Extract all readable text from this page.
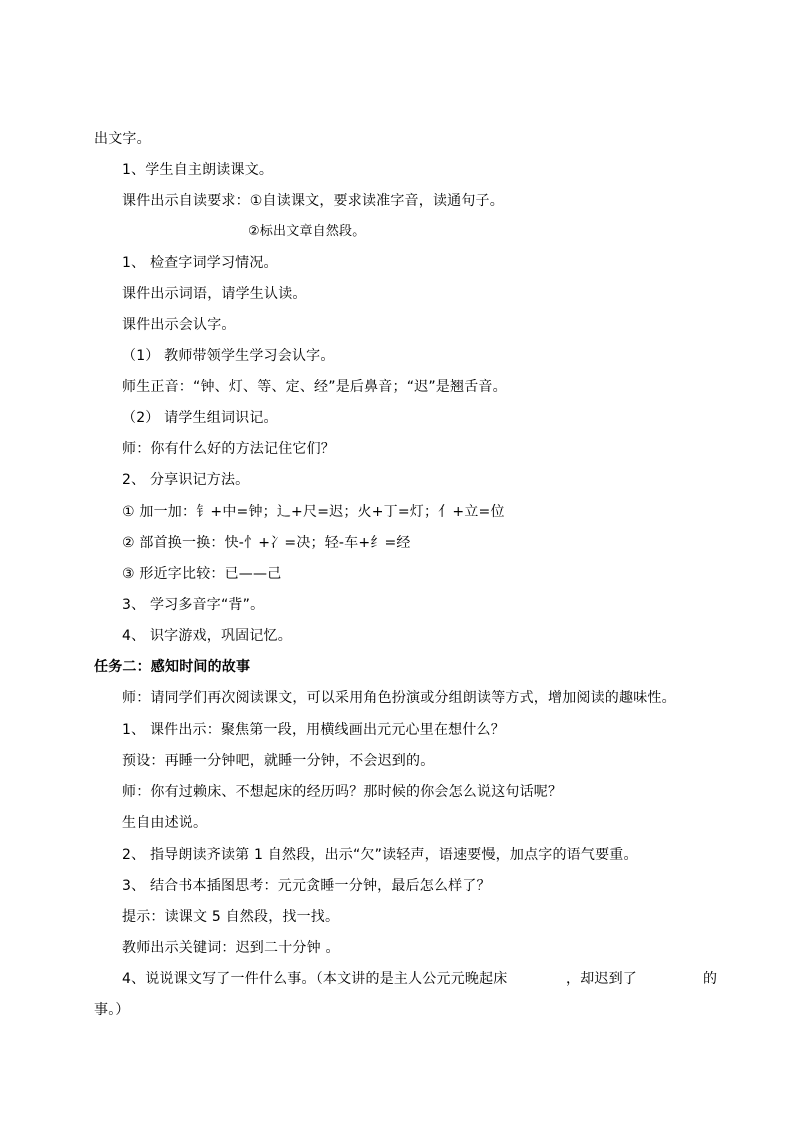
出文字。
1、学生自主朗读课文。
课件出示自读要求：①自读课文，要求读准字音，读通句子。
②标出文章自然段。
1、 检查字词学习情况。
课件出示词语，请学生认读。
课件出示会认字。
（1） 教师带领学生学习会认字。
师生正音：“钟、灯、等、定、经”是后鼻音；“迟”是翘舌音。
（2） 请学生组词识记。
师：你有什么好的方法记住它们？
2、 分享识记方法。
① 加一加：钅+中=钟；辶+尺=迟；火+丁=灯；亻+立=位
② 部首换一换：快-忄+冫=决；轻-车+纟=经
③ 形近字比较：已——己
3、 学习多音字“背”。
4、 识字游戏，巩固记忆。
任务二：感知时间的故事
师：请同学们再次阅读课文，可以采用角色扮演或分组朗读等方式，增加阅读的趣味性。
1、 课件出示：聚焦第一段，用横线画出元元心里在想什么？
预设：再睡一分钟吧，就睡一分钟，不会迟到的。
师：你有过赖床、不想起床的经历吗？那时候的你会怎么说这句话呢？
生自由述说。
2、 指导朗读齐读第 1 自然段，出示“欠”读轻声，语速要慢，加点字的语气要重。
3、 结合书本插图思考：元元贪睡一分钟，最后怎么样了？
提示：读课文 5 自然段，找一找。
教师出示关键词：迟到二十分钟 。
4、说说课文写了一件什么事。（本文讲的是主人公元元晚起床	，却迟到了	的
事。）
